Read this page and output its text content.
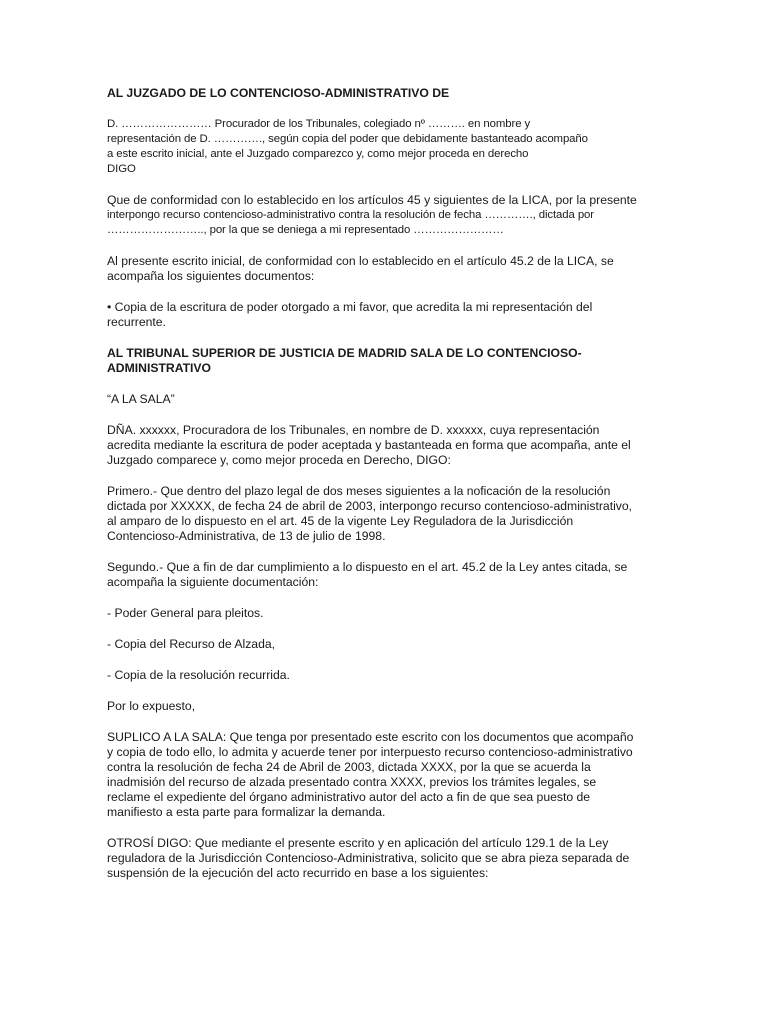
AL JUZGADO DE LO CONTENCIOSO-ADMINISTRATIVO DE
D. …………………… Procurador de los Tribunales, colegiado nº ………. en nombre y
representación de D. …………., según copia del poder que debidamente bastanteado acompaño
a este escrito inicial, ante el Juzgado comparezco y, como mejor proceda en derecho
DIGO
Que de conformidad con lo establecido en los artículos 45 y siguientes de la LICA, por la presente
interpongo recurso contencioso-administrativo contra la resolución de fecha …………., dictada por
…………………….., por la que se deniega a mi representado ……………………
Al presente escrito inicial, de conformidad con lo establecido en el artículo 45.2 de la LICA, se
acompaña los siguientes documentos:
• Copia de la escritura de poder otorgado a mi favor, que acredita la mi representación del
recurrente.
AL TRIBUNAL SUPERIOR DE JUSTICIA DE MADRID SALA DE LO CONTENCIOSO-
ADMINISTRATIVO
“A LA SALA”
DÑA. xxxxxx, Procuradora de los Tribunales, en nombre de D. xxxxxx, cuya representación
acredita mediante la escritura de poder aceptada y bastanteada en forma que acompaña, ante el
Juzgado comparece y, como mejor proceda en Derecho, DIGO:
Primero.- Que dentro del plazo legal de dos meses siguientes a la noficación de la resolución
dictada por XXXXX, de fecha 24 de abril de 2003, interpongo recurso contencioso-administrativo,
al amparo de lo dispuesto en el art. 45 de la vigente Ley Reguladora de la Jurisdicción
Contencioso-Administrativa, de 13 de julio de 1998.
Segundo.- Que a fin de dar cumplimiento a lo dispuesto en el art. 45.2 de la Ley antes citada, se
acompaña la siguiente documentación:
- Poder General para pleitos.
- Copia del Recurso de Alzada,
- Copia de la resolución recurrida.
Por lo expuesto,
SUPLICO A LA SALA: Que tenga por presentado este escrito con los documentos que acompaño
y copia de todo ello, lo admita y acuerde tener por interpuesto recurso contencioso-administrativo
contra la resolución de fecha 24 de Abril de 2003, dictada XXXX, por la que se acuerda la
inadmisión del recurso de alzada presentado contra XXXX, previos los trámites legales, se
reclame el expediente del órgano administrativo autor del acto a fin de que sea puesto de
manifiesto a esta parte para formalizar la demanda.
OTROSÍ DIGO: Que mediante el presente escrito y en aplicación del artículo 129.1 de la Ley
reguladora de la Jurisdicción Contencioso-Administrativa, solicito que se abra pieza separada de
suspensión de la ejecución del acto recurrido en base a los siguientes:
